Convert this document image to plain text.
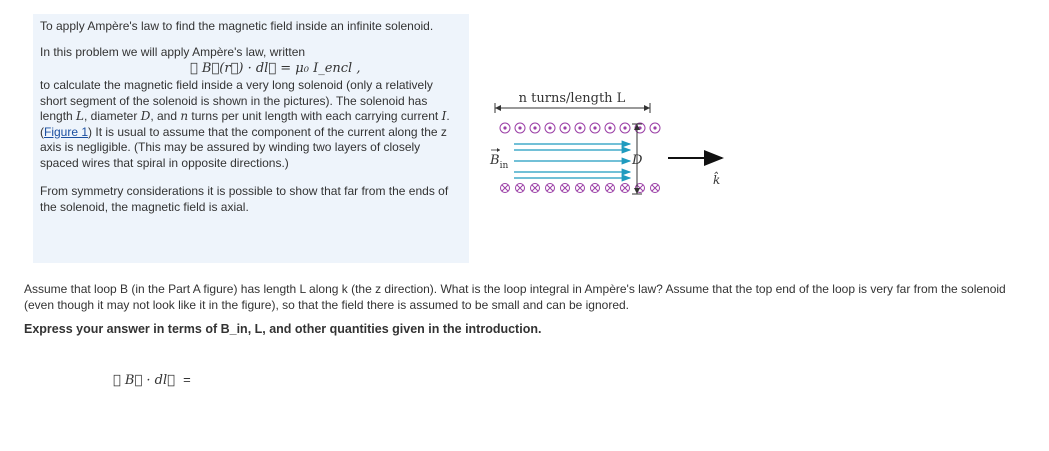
To apply Ampère's law to find the magnetic field inside an infinite solenoid.

In this problem we will apply Ampère's law, written

∮ B⃗(r⃗) · dl⃗ = μ₀ I_encl ,

to calculate the magnetic field inside a very long solenoid (only a relatively short segment of the solenoid is shown in the pictures). The solenoid has length L, diameter D, and n turns per unit length with each carrying current I. (Figure 1) It is usual to assume that the component of the current along the z axis is negligible. (This may be assured by winding two layers of closely spaced wires that spiral in opposite directions.)

From symmetry considerations it is possible to show that far from the ends of the solenoid, the magnetic field is axial.

n turns/length L
$B_{in}$	D
k̂
Assume that loop B (in the Part A figure) has length L along k (the z direction). What is the loop integral in Ampère's law? Assume that the top end of the loop is very far from the solenoid (even though it may not look like it in the figure), so that the field there is assumed to be small and can be ignored.
Express your answer in terms of B_in, L, and other quantities given in the introduction.
∮ B⃗ · dl⃗ =
